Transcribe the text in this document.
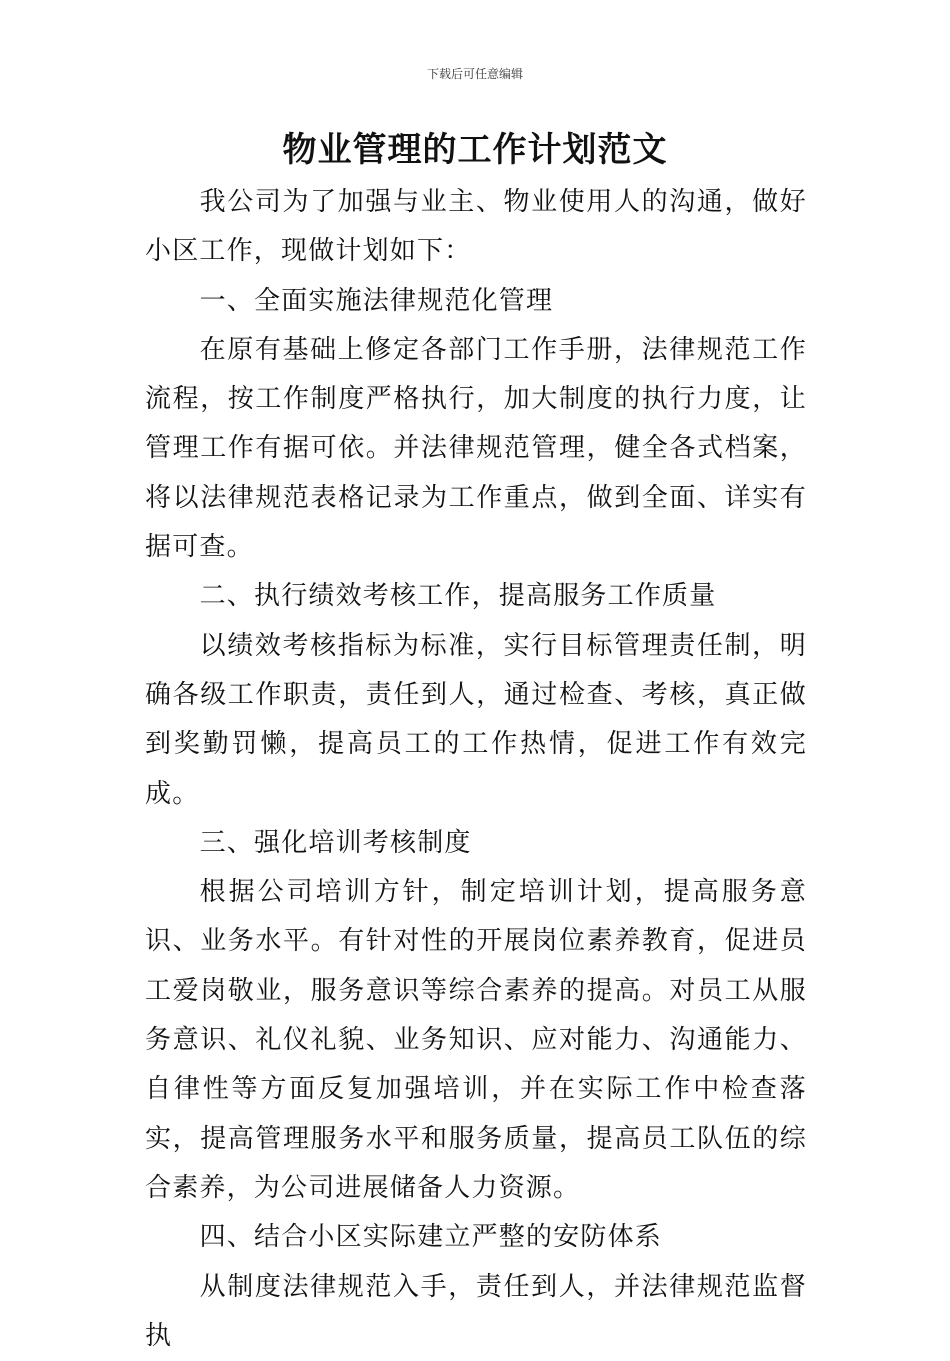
下载后可任意编辑
物业管理的工作计划范文

我公司为了加强与业主、物业使用人的沟通，做好小区工作，现做计划如下：

一、全面实施法律规范化管理

在原有基础上修定各部门工作手册，法律规范工作流程，按工作制度严格执行，加大制度的执行力度，让管理工作有据可依。并法律规范管理，健全各式档案，将以法律规范表格记录为工作重点，做到全面、详实有据可查。

二、执行绩效考核工作，提高服务工作质量

以绩效考核指标为标准，实行目标管理责任制，明确各级工作职责，责任到人，通过检查、考核，真正做到奖勤罚懒，提高员工的工作热情，促进工作有效完成。

三、强化培训考核制度

根据公司培训方针，制定培训计划，提高服务意识、业务水平。有针对性的开展岗位素养教育，促进员工爱岗敬业，服务意识等综合素养的提高。对员工从服务意识、礼仪礼貌、业务知识、应对能力、沟通能力、自律性等方面反复加强培训，并在实际工作中检查落实，提高管理服务水平和服务质量，提高员工队伍的综合素养，为公司进展储备人力资源。

四、结合小区实际建立严整的安防体系

从制度法律规范入手，责任到人，并法律规范监督执
